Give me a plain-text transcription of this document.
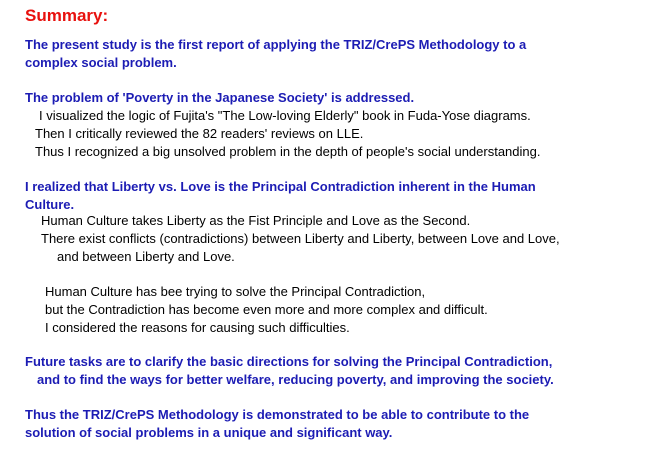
Summary:
The present study is the first report of applying the TRIZ/CrePS Methodology to a
complex social problem.
The problem of 'Poverty in the Japanese Society' is addressed.
I visualized the logic of Fujita's "The Low-loving Elderly" book in Fuda-Yose diagrams.
Then I critically reviewed the 82 readers' reviews on LLE.
Thus I recognized a big unsolved problem in the depth of people's social understanding.
I realized that Liberty vs. Love is the Principal Contradiction inherent in the Human
Culture.
Human Culture takes Liberty as the Fist Principle and Love as the Second.
There exist conflicts (contradictions) between Liberty and Liberty, between Love and Love,
and between Liberty and Love.
Human Culture has bee trying to solve the Principal Contradiction,
but the Contradiction has become even more and more complex and difficult.
I considered the reasons for causing such difficulties.
Future tasks are to clarify the basic directions for solving the Principal Contradiction,
and to find the ways for better welfare, reducing poverty, and improving the society.
Thus the TRIZ/CrePS Methodology is demonstrated to be able to contribute to the
solution of social problems in a unique and significant way.
